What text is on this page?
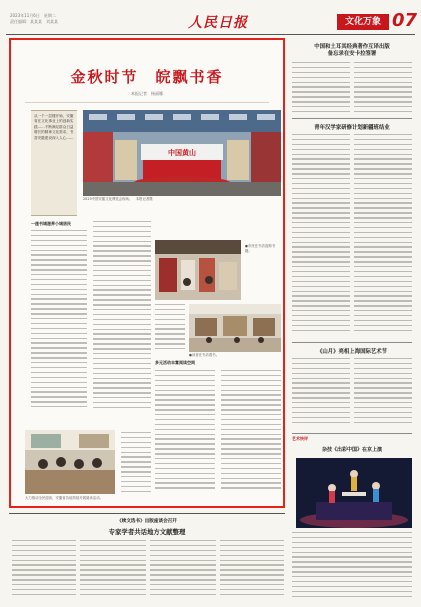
2023年11月6日　星期二
责任编辑：某某某　刘某某	人民日报	文化万象 07
金秋时节　皖飘书香
本报记者　杨丽娜
从一个一层楼开始，安徽省在文化事业上的创新实践……不断满足群众日益增长的精神文化需求，书香安徽建设深入人心……
中国黄山
2023中国安徽文化博览会现场。　本报记者摄
一座书城滋养小城居民
●市民在书店选购书籍。
●读者在书店看书。
多元活动丰富阅读空间
大力推动全民阅读，安徽省各地持续开展阅读活动。
中国和土耳其经典著作互译出版
备忘录在安卡拉签署
青年汉学家研修计划新疆班结业
《山月》亮相上海国际艺术节
艺术快评
杂技《出彩中国》在京上演
《续文选书》出版座谈会召开
专家学者共话地方文献整理
